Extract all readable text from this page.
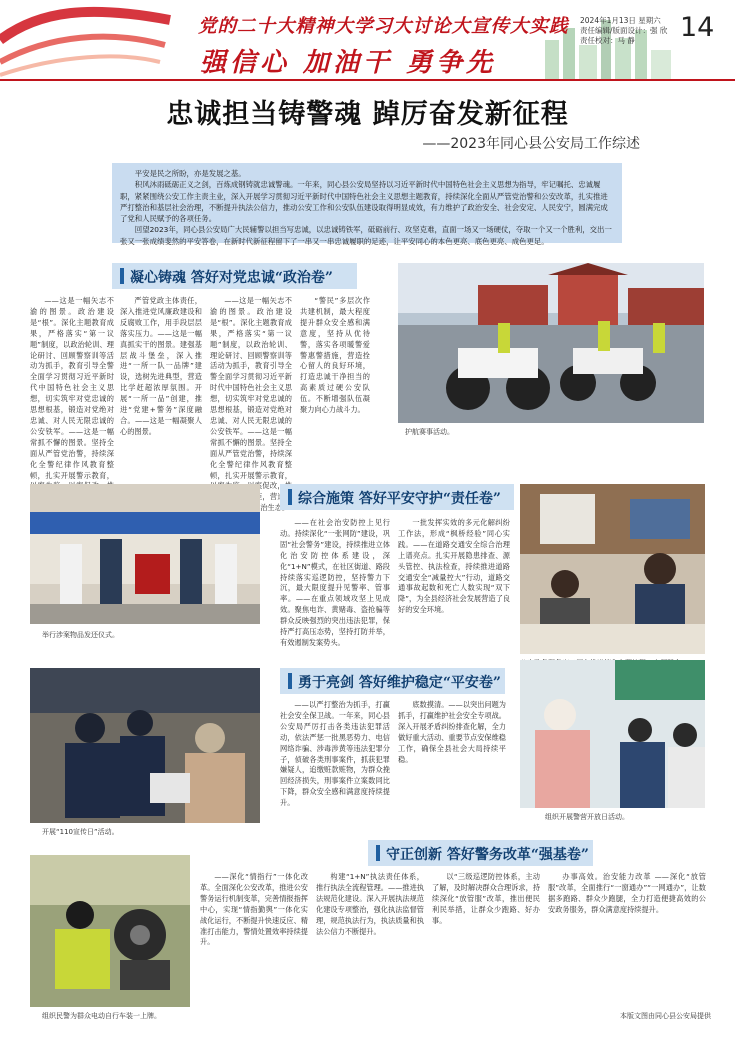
党的二十大精神大学习大讨论大宣传大实践
强信心 加油干 勇争先
2024年1月13日 星期六
责任编辑/版面设计：强 欣
责任校对：马 静	14
忠诚担当铸警魂 踔厉奋发新征程
——2023年同心县公安局工作综述

平安是民之所盼，亦是发展之基。

积风沐雨砥砺正义之剑，百炼成钢铸就忠诚警魂。一年来，同心县公安局坚持以习近平新时代中国特色社会主义思想为指导，牢记嘱托、忠诚履职，紧紧围绕公安工作主责主业，深入开展学习贯彻习近平新时代中国特色社会主义思想主题教育，持续深化全面从严管党治警和公安改革，扎实推进严打整治和基层社会治理，不断提升执法公信力，推动公安工作和公安队伍建设取得明显成效，有力维护了政治安全、社会安定、人民安宁，圆满完成了党和人民赋予的各项任务。

回望2023年，同心县公安局广大民辅警以担当写忠诚，以忠诚铸铁军，砥砺前行、攻坚克难，直面一场又一场硬仗，夺取一个又一个胜利，交出一张又一张成绩斐然的平安答卷，在新时代新征程留下了一串又一串忠诚履职的足迹，让平安同心的本色更亮、底色更亮、成色更足。

凝心铸魂 答好对党忠诚“政治卷”

——这是一幅矢志不渝的图景。政治建设是“根”。深化主题教育成果，严格落实“第一议题”制度，以政治轮训、理论研讨、回顾警察训等活动为抓手，教育引导全警全面学习贯彻习近平新时代中国特色社会主义思想，切实筑牢对党忠诚的思想根基，锻造对党绝对忠诚、对人民无限忠诚的公安铁军。——这是一幅常抓不懈的图景。坚持全面从严管党治警，持续深化全警纪律作风教育整顿，扎实开展警示教育，

严管党政主体责任，深入推进党风廉政建设和反腐败工作，用手段层层落实压力。——这是一幅真抓实干的图景。建强基层战斗堡垒，深入推进“一所一队一品牌”建设，选树先进典型，营造比学赶超浓厚氛围。开展“一所一品”创建，推进“党建+警务”深度融合。——这是一幅凝聚人心的图景。

——这是一幅矢志不渝的图景。政治建设是“根”。深化主题教育成果，严格落实“第一议题”制度，以政治轮训、理论研讨、回顾警察训等活动为抓手，教育引导全警全面学习贯彻习近平新时代中国特色社会主义思想，切实筑牢对党忠诚的思想根基，锻造对党绝对忠诚、对人民无限忠诚的公安铁军。——这是一幅常抓不懈的图景。坚持全面从严管党治警，持续深化全警纪律作风教育整顿，扎实开展警示教育， 案促改 矩，营 警营政治生态。

“警民”多层次作共建机制，最大程度提升群众安全感和满意度，坚持从优待警，落实各项暖警爱警惠警措施，营造拴心留人的良好环境，打造忠诚干净担当的高素质过硬公安队伍。不断增强队伍凝聚力向心力战斗力。

护航赛事活动。
举行涉案物品发还仪式。
综合施策 答好平安守护“责任卷”

——在社会治安防控上见行动。持续深化“一张网防”建设，巩固“社会警务”建设，持续推进立体化治安防控体系建设，深化“1+N”模式，在社区街道、路段持续落实巡逻防控，坚持警力下沉，最大限度提升见警率、管事率。——在重点领域攻坚上见成效。聚焦电诈、黄赌毒、盗抢骗等群众反映强烈的突出违法犯罪，保持严打高压态势，坚持打防并举，有效遏制发案势头。

一批发挥实效的多元化解纠纷工作法，形成“枫桥经验”同心实践。——在道路交通安全综合治理上谱亮点。扎实开展隐患排查、源头管控、执法检查，持续推进道路交通安全“减量控大”行动，道路交通事故起数和死亡人数实现“双下降”，为全县经济社会发展营造了良好的安全环境。

开展“110宣传日”活动。
勇于亮剑 答好维护稳定“平安卷”

——以严打整治为抓手，打赢社会安全保卫战。一年来，同心县公安局严厉打击各类违法犯罪活动，依法严惩一批黑恶势力、电信网络诈骗、涉毒涉黄等违法犯罪分子，侦破各类刑事案件，抓获犯罪嫌疑人，追缴赃款赃物，为群众挽回经济损失，刑事案件立案数同比下降，群众安全感和满意度持续提升。

底数摸清。——以突出问题为抓手，打赢维护社会安全专项战。深入开展矛盾纠纷排查化解，全力做好重大活动、重要节点安保维稳工作，确保全县社会大局持续平稳。

组织开展警营开放日活动。
守正创新 答好警务改革“强基卷”
组织民警为群众电动自行车装一上牌。

——深化“情指行”一体化改革。全面深化公安改革，推进公安警务运行机制变革，完善情报指挥中心，实现“情指勤舆”一体化实战化运行，不断提升快速反应、精准打击能力，警情处置效率持续提升。

构建“1+N”执法责任体系，推行执法全流程管理。——推进执法规范化建设。深入开展执法规范化建设专项整治，强化执法监督管理，规范执法行为，执法质量和执法公信力不断提升。

以“三级巡逻防控体系，主动了解，及时解决群众合理诉求，持续深化“放管服”改革，推出便民利民举措，让群众少跑路、好办事。

办事高效。治安能力改革 ——深化“放管服”改革，全面推行“一窗通办”“一网通办”，让数据多跑路、群众少跑腿，全力打造便捷高效的公安政务服务，群众满意度持续提升。

本版文图由同心县公安局提供
